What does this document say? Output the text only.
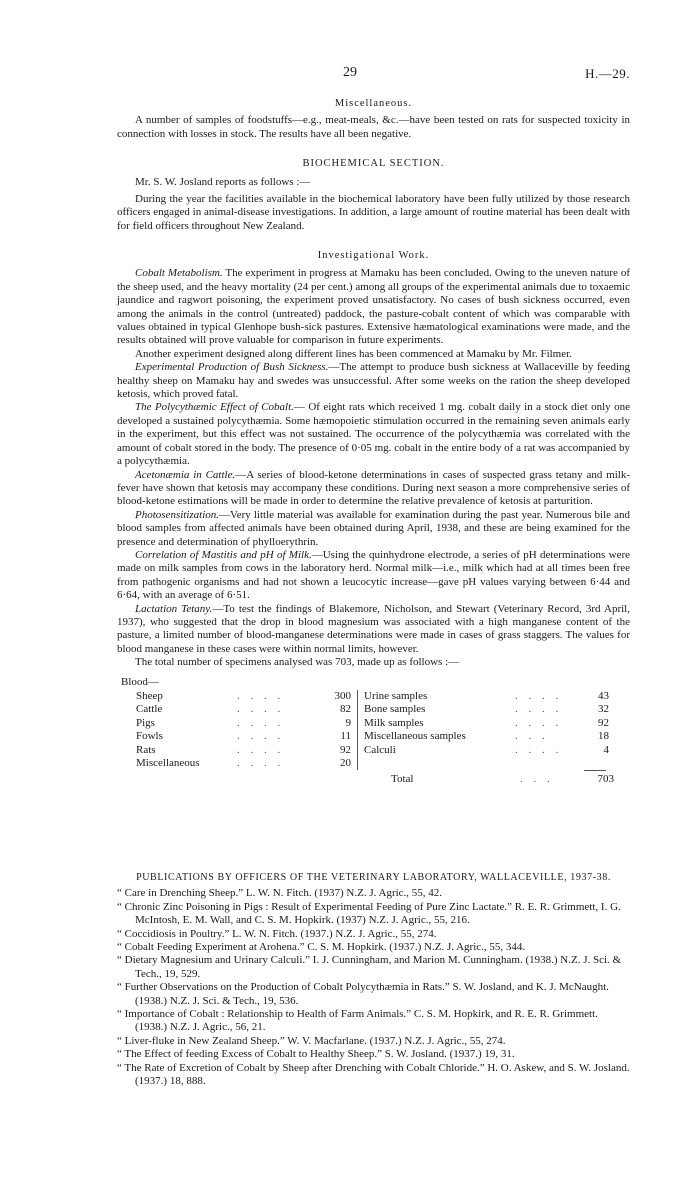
29	H.—29.
Miscellaneous.

A number of samples of foodstuffs—e.g., meat-meals, &c.—have been tested on rats for suspected toxicity in connection with losses in stock. The results have all been negative.

BIOCHEMICAL SECTION.

Mr. S. W. Josland reports as follows :—

During the year the facilities available in the biochemical laboratory have been fully utilized by those research officers engaged in animal-disease investigations. In addition, a large amount of routine material has been dealt with for field officers throughout New Zealand.

Investigational Work.

Cobalt Metabolism. The experiment in progress at Mamaku has been concluded. Owing to the uneven nature of the sheep used, and the heavy mortality (24 per cent.) among all groups of the experimental animals due to toxaemic jaundice and ragwort poisoning, the experiment proved unsatisfactory. No cases of bush sickness occurred, even among the animals in the control (untreated) paddock, the pasture-cobalt content of which was comparable with values obtained in typical Glenhope bush-sick pastures. Extensive hæmatological examinations were made, and the results obtained will prove valuable for comparison in future experiments.

Another experiment designed along different lines has been commenced at Mamaku by Mr. Filmer.

Experimental Production of Bush Sickness.—The attempt to produce bush sickness at Wallaceville by feeding healthy sheep on Mamaku hay and swedes was unsuccessful. After some weeks on the ration the sheep developed ketosis, which proved fatal.

The Polycythæmic Effect of Cobalt.— Of eight rats which received 1 mg. cobalt daily in a stock diet only one developed a sustained polycythæmia. Some hæmopoietic stimulation occurred in the remaining seven animals early in the experiment, but this effect was not sustained. The occurrence of the polycythæmia was correlated with the amount of cobalt stored in the body. The presence of 0·05 mg. cobalt in the entire body of a rat was accompanied by a polycythæmia.

Acetonæmia in Cattle.—A series of blood-ketone determinations in cases of suspected grass tetany and milk-fever have shown that ketosis may accompany these conditions. During next season a more comprehensive series of blood-ketone estimations will be made in order to determine the relative prevalence of ketosis at parturition.

Photosensitization.—Very little material was available for examination during the past year. Numerous bile and blood samples from affected animals have been obtained during April, 1938, and these are being examined for the presence and determination of phylloerythrin.

Correlation of Mastitis and pH of Milk.—Using the quinhydrone electrode, a series of pH determinations were made on milk samples from cows in the laboratory herd. Normal milk—i.e., milk which had at all times been free from pathogenic organisms and had not shown a leucocytic increase—gave pH values varying between 6·44 and 6·64, with an average of 6·51.

Lactation Tetany.—To test the findings of Blakemore, Nicholson, and Stewart (Veterinary Record, 3rd April, 1937), who suggested that the drop in blood magnesium was associated with a high manganese content of the pasture, a limited number of blood-manganese determinations were made in cases of grass staggers. The values for blood manganese in these cases were within normal limits, however.

The total number of specimens analysed was 703, made up as follows :—

Blood—
Sheep	. . . .	300
Cattle	. . . .	82
Pigs	. . . .	9
Fowls	. . . .	11
Rats	. . . .	92
Miscellaneous	. . . .	20
Urine samples	. . . .	43
Bone samples	. . . .	32
Milk samples	. . . .	92
Miscellaneous samples	. . .	18
Calculi	. . . .	4
Total	. . .	703
PUBLICATIONS BY OFFICERS OF THE VETERINARY LABORATORY, WALLACEVILLE, 1937-38.

“ Care in Drenching Sheep.” L. W. N. Fitch. (1937) N.Z. J. Agric., 55, 42.

“ Chronic Zinc Poisoning in Pigs : Result of Experimental Feeding of Pure Zinc Lactate.” R. E. R. Grimmett, I. G. McIntosh, E. M. Wall, and C. S. M. Hopkirk. (1937) N.Z. J. Agric., 55, 216.

“ Coccidiosis in Poultry.” L. W. N. Fitch. (1937.) N.Z. J. Agric., 55, 274.

“ Cobalt Feeding Experiment at Arohena.” C. S. M. Hopkirk. (1937.) N.Z. J. Agric., 55, 344.

“ Dietary Magnesium and Urinary Calculi.” I. J. Cunningham, and Marion M. Cunningham. (1938.) N.Z. J. Sci. & Tech., 19, 529.

“ Further Observations on the Production of Cobalt Polycythæmia in Rats.” S. W. Josland, and K. J. McNaught. (1938.) N.Z. J. Sci. & Tech., 19, 536.

“ Importance of Cobalt : Relationship to Health of Farm Animals.” C. S. M. Hopkirk, and R. E. R. Grimmett. (1938.) N.Z. J. Agric., 56, 21.

“ Liver-fluke in New Zealand Sheep.” W. V. Macfarlane. (1937.) N.Z. J. Agric., 55, 274.

“ The Effect of feeding Excess of Cobalt to Healthy Sheep.” S. W. Josland. (1937.) 19, 31.

“ The Rate of Excretion of Cobalt by Sheep after Drenching with Cobalt Chloride.” H. O. Askew, and S. W. Josland. (1937.) 18, 888.
